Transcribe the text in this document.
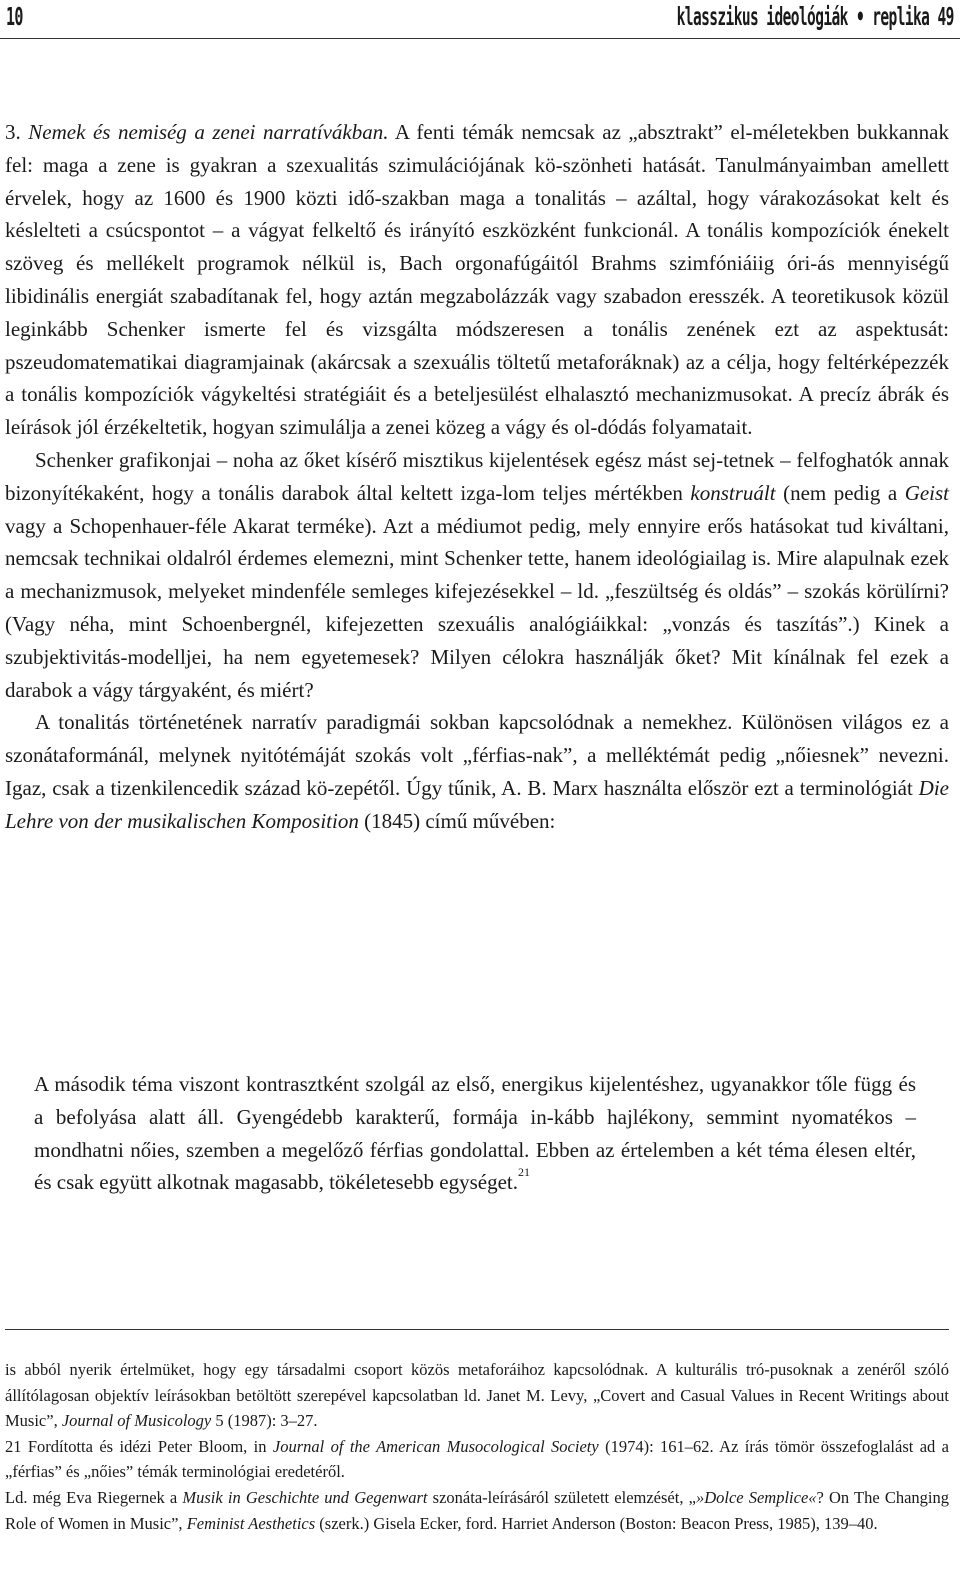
10	klasszikus ideológiák • replika 49

3. Nemek és nemiség a zenei narratívákban. A fenti témák nemcsak az „absztrakt” el-méletekben bukkannak fel: maga a zene is gyakran a szexualitás szimulációjának kö-szönheti hatását. Tanulmányaimban amellett érvelek, hogy az 1600 és 1900 közti idő-szakban maga a tonalitás – azáltal, hogy várakozásokat kelt és késlelteti a csúcspontot – a vágyat felkeltő és irányító eszközként funkcionál. A tonális kompozíciók énekelt szöveg és mellékelt programok nélkül is, Bach orgonafúgáitól Brahms szimfóniáiig óri-ás mennyiségű libidinális energiát szabadítanak fel, hogy aztán megzabolázzák vagy szabadon eresszék. A teoretikusok közül leginkább Schenker ismerte fel és vizsgálta módszeresen a tonális zenének ezt az aspektusát: pszeudomatematikai diagramjainak (akárcsak a szexuális töltetű metaforáknak) az a célja, hogy feltérképezzék a tonális kompozíciók vágykeltési stratégiáit és a beteljesülést elhalasztó mechanizmusokat. A precíz ábrák és leírások jól érzékeltetik, hogyan szimulálja a zenei közeg a vágy és ol-dódás folyamatait.

Schenker grafikonjai – noha az őket kísérő misztikus kijelentések egész mást sej-tetnek – felfoghatók annak bizonyítékaként, hogy a tonális darabok által keltett izga-lom teljes mértékben konstruált (nem pedig a Geist vagy a Schopenhauer-féle Akarat terméke). Azt a médiumot pedig, mely ennyire erős hatásokat tud kiváltani, nemcsak technikai oldalról érdemes elemezni, mint Schenker tette, hanem ideológiailag is. Mire alapulnak ezek a mechanizmusok, melyeket mindenféle semleges kifejezésekkel – ld. „feszültség és oldás” – szokás körülírni? (Vagy néha, mint Schoenbergnél, kifejezetten szexuális analógiáikkal: „vonzás és taszítás”.) Kinek a szubjektivitás-modelljei, ha nem egyetemesek? Milyen célokra használják őket? Mit kínálnak fel ezek a darabok a vágy tárgyaként, és miért?

A tonalitás történetének narratív paradigmái sokban kapcsolódnak a nemekhez. Különösen világos ez a szonátaformánál, melynek nyitótémáját szokás volt „férfias-nak”, a melléktémát pedig „nőiesnek” nevezni. Igaz, csak a tizenkilencedik század kö-zepétől. Úgy tűnik, A. B. Marx használta először ezt a terminológiát Die Lehre von der musikalischen Komposition (1845) című művében:

A második téma viszont kontrasztként szolgál az első, energikus kijelentéshez, ugyanakkor tőle függ és a befolyása alatt áll. Gyengédebb karakterű, formája in-kább hajlékony, semmint nyomatékos – mondhatni nőies, szemben a megelőző férfias gondolattal. Ebben az értelemben a két téma élesen eltér, és csak együtt alkotnak magasabb, tökéletesebb egységet.$^{21}$

is abból nyerik értelmüket, hogy egy társadalmi csoport közös metaforáihoz kapcsolódnak. A kulturális tró-pusoknak a zenéről szóló állítólagosan objektív leírásokban betöltött szerepével kapcsolatban ld. Janet M. Levy, „Covert and Casual Values in Recent Writings about Music”, Journal of Musicology 5 (1987): 3–27.

21 Fordította és idézi Peter Bloom, in Journal of the American Musocological Society (1974): 161–62. Az írás tömör összefoglalást ad a „férfias” és „nőies” témák terminológiai eredetéről.

Ld. még Eva Riegernek a Musik in Geschichte und Gegenwart szonáta-leírásáról született elemzését, „»Dolce Semplice«? On The Changing Role of Women in Music”, Feminist Aesthetics (szerk.) Gisela Ecker, ford. Harriet Anderson (Boston: Beacon Press, 1985), 139–40.
